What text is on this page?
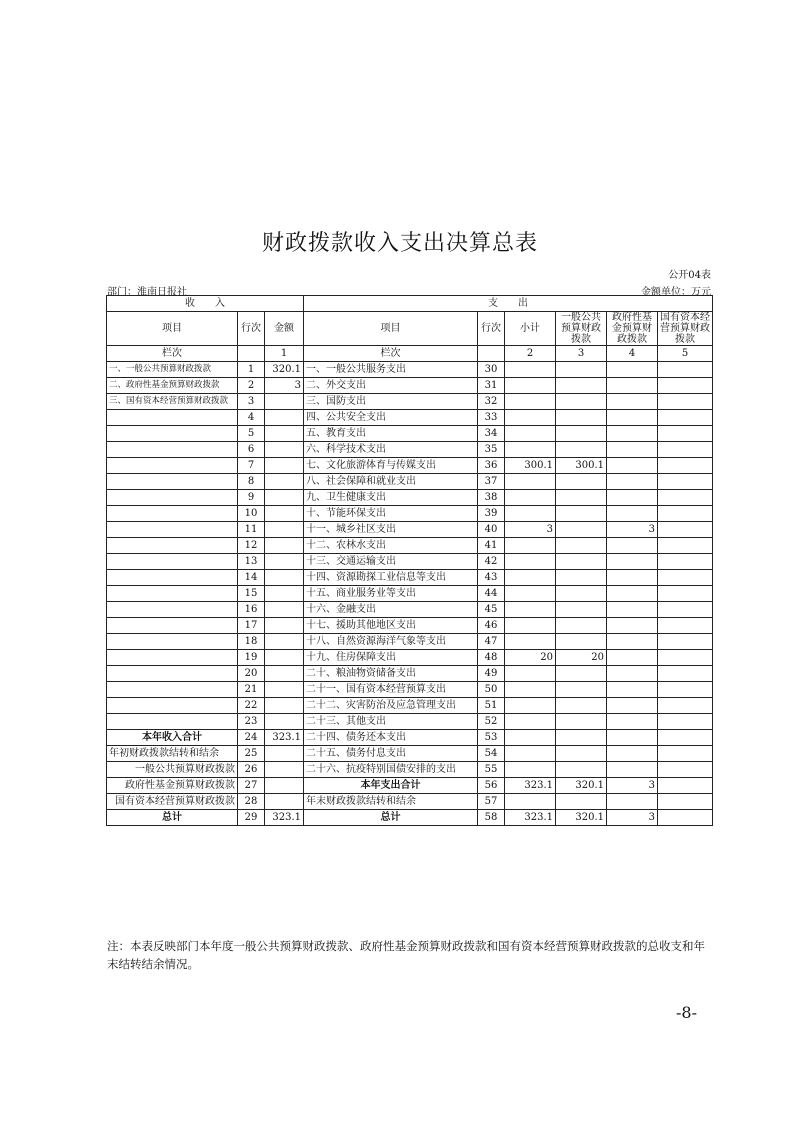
财政拨款收入支出决算总表
公开04表
部门：淮南日报社	金额单位：万元
收　　入			支　　出					
项目	行次	金额	项目	行次	小计	一般公共预算财政拨款	政府性基金预算财政拨款	国有资本经营预算财政拨款
栏次		1	栏次		2	3	4	5
一、一般公共预算财政拨款	1	320.1	一、一般公共服务支出	30				
二、政府性基金预算财政拨款	2	3	二、外交支出	31				
三、国有资本经营预算财政拨款	3		三、国防支出	32				
	4		四、公共安全支出	33				
	5		五、教育支出	34				
	6		六、科学技术支出	35				
	7		七、文化旅游体育与传媒支出	36	300.1	300.1		
	8		八、社会保障和就业支出	37				
	9		九、卫生健康支出	38				
	10		十、节能环保支出	39				
	11		十一、城乡社区支出	40	3		3	
	12		十二、农林水支出	41				
	13		十三、交通运输支出	42				
	14		十四、资源勘探工业信息等支出	43				
	15		十五、商业服务业等支出	44				
	16		十六、金融支出	45				
	17		十七、援助其他地区支出	46				
	18		十八、自然资源海洋气象等支出	47				
	19		十九、住房保障支出	48	20	20		
	20		二十、粮油物资储备支出	49				
	21		二十一、国有资本经营预算支出	50				
	22		二十二、灾害防治及应急管理支出	51				
	23		二十三、其他支出	52				
本年收入合计	24	323.1	二十四、债务还本支出	53				
年初财政拨款结转和结余	25		二十五、债务付息支出	54				
一般公共预算财政拨款	26		二十六、抗疫特别国债安排的支出	55				
政府性基金预算财政拨款	27		本年支出合计	56	323.1	320.1	3	
国有资本经营预算财政拨款	28		年末财政拨款结转和结余	57				
总计	29	323.1	总计	58	323.1	320.1	3	
注：本表反映部门本年度一般公共预算财政拨款、政府性基金预算财政拨款和国有资本经营预算财政拨款的总收支和年末结转结余情况。
-8-
